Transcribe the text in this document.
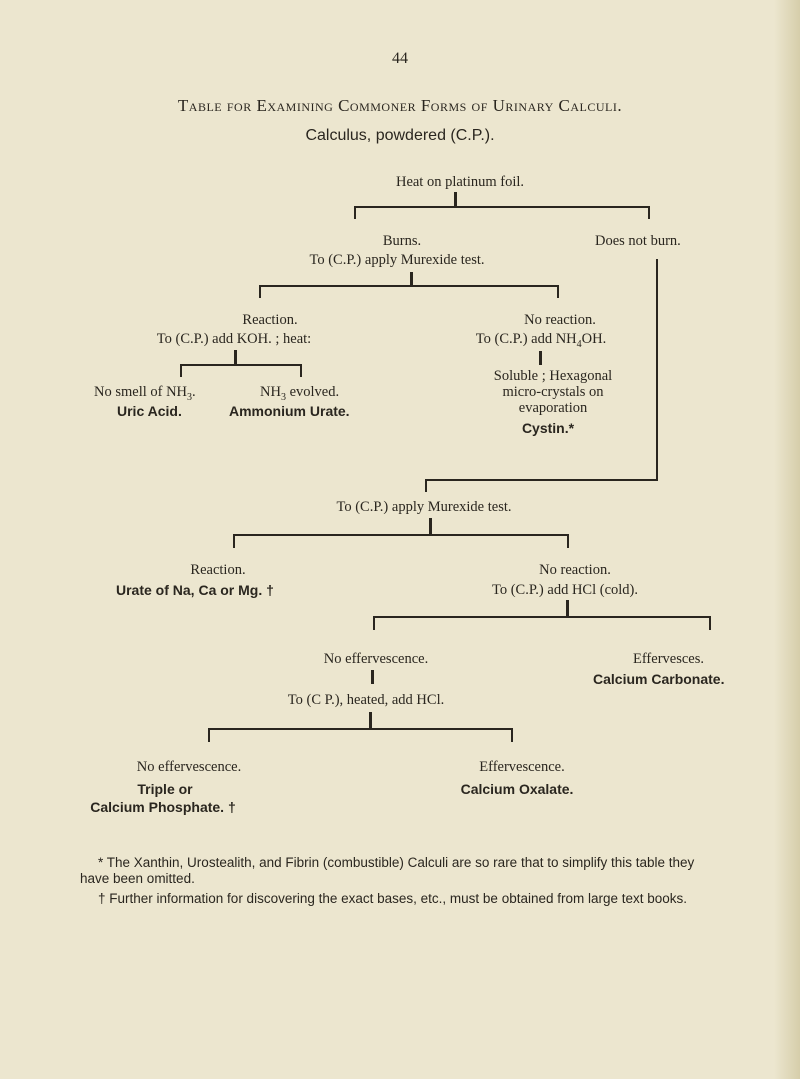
44
Table for Examining Commoner Forms of Urinary Calculi.
Calculus, powdered (C.P.).
Heat on platinum foil.
Burns.
To (C.P.) apply Murexide test.
Does not burn.
Reaction.
To (C.P.) add KOH. ; heat:
No reaction.
To (C.P.) add $NH_4OH$.
No smell of $NH_3$.
Uric Acid.
$NH_3$ evolved.
Ammonium Urate.
Soluble ; Hexagonal
micro-crystals on
evaporation
Cystin.*
To (C.P.) apply Murexide test.
Reaction.
Urate of Na, Ca or Mg. †
No reaction.
To (C.P.) add HCl (cold).
No effervescence.
To (C P.), heated, add HCl.
Effervesces.
Calcium Carbonate.
No effervescence.
Triple or
Calcium Phosphate. †
Effervescence.
Calcium Oxalate.
* The Xanthin, Urostealith, and Fibrin (combustible) Calculi are so rare that to simplify this table they have been omitted.
† Further information for discovering the exact bases, etc., must be obtained from large text books.
